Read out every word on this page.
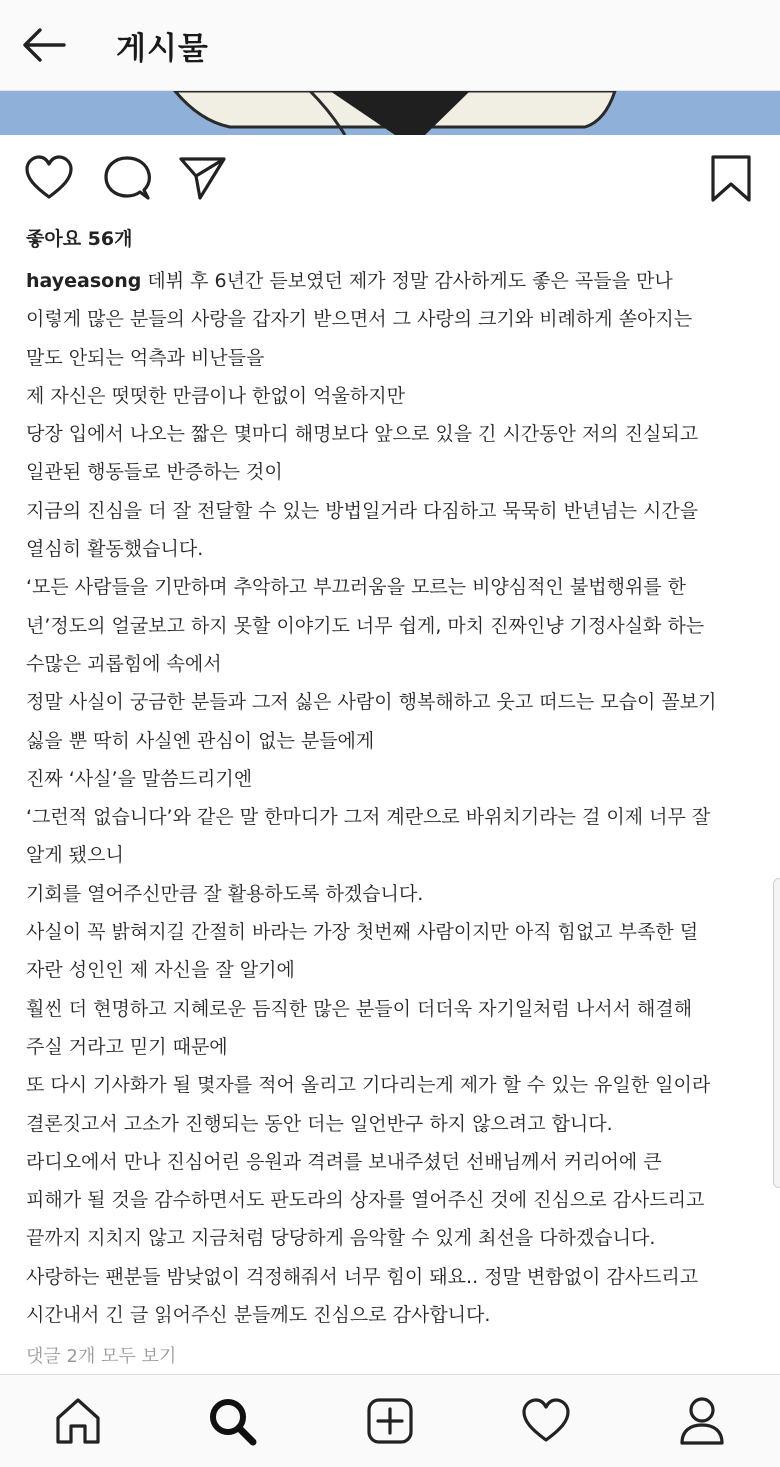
게시물
좋아요 56개
hayeasong 데뷔 후 6년간 듣보였던 제가 정말 감사하게도 좋은 곡들을 만나
이렇게 많은 분들의 사랑을 갑자기 받으면서 그 사랑의 크기와 비례하게 쏟아지는
말도 안되는 억측과 비난들을
제 자신은 떳떳한 만큼이나 한없이 억울하지만
당장 입에서 나오는 짧은 몇마디 해명보다 앞으로 있을 긴 시간동안 저의 진실되고
일관된 행동들로 반증하는 것이
지금의 진심을 더 잘 전달할 수 있는 방법일거라 다짐하고 묵묵히 반년넘는 시간을
열심히 활동했습니다.
‘모든 사람들을 기만하며 추악하고 부끄러움을 모르는 비양심적인 불법행위를 한
년’정도의 얼굴보고 하지 못할 이야기도 너무 쉽게, 마치 진짜인냥 기정사실화 하는
수많은 괴롭힘에 속에서
정말 사실이 궁금한 분들과 그저 싫은 사람이 행복해하고 웃고 떠드는 모습이 꼴보기
싫을 뿐 딱히 사실엔 관심이 없는 분들에게
진짜 ‘사실’을 말씀드리기엔
‘그런적 없습니다’와 같은 말 한마디가 그저 계란으로 바위치기라는 걸 이제 너무 잘
알게 됐으니
기회를 열어주신만큼 잘 활용하도록 하겠습니다.
사실이 꼭 밝혀지길 간절히 바라는 가장 첫번째 사람이지만 아직 힘없고 부족한 덜
자란 성인인 제 자신을 잘 알기에
훨씬 더 현명하고 지혜로운 듬직한 많은 분들이 더더욱 자기일처럼 나서서 해결해
주실 거라고 믿기 때문에
또 다시 기사화가 될 몇자를 적어 올리고 기다리는게 제가 할 수 있는 유일한 일이라
결론짓고서 고소가 진행되는 동안 더는 일언반구 하지 않으려고 합니다.
라디오에서 만나 진심어린 응원과 격려를 보내주셨던 선배님께서 커리어에 큰
피해가 될 것을 감수하면서도 판도라의 상자를 열어주신 것에 진심으로 감사드리고
끝까지 지치지 않고 지금처럼 당당하게 음악할 수 있게 최선을 다하겠습니다.
사랑하는 팬분들 밤낮없이 걱정해줘서 너무 힘이 돼요.. 정말 변함없이 감사드리고
시간내서 긴 글 읽어주신 분들께도 진심으로 감사합니다.
댓글 2개 모두 보기
